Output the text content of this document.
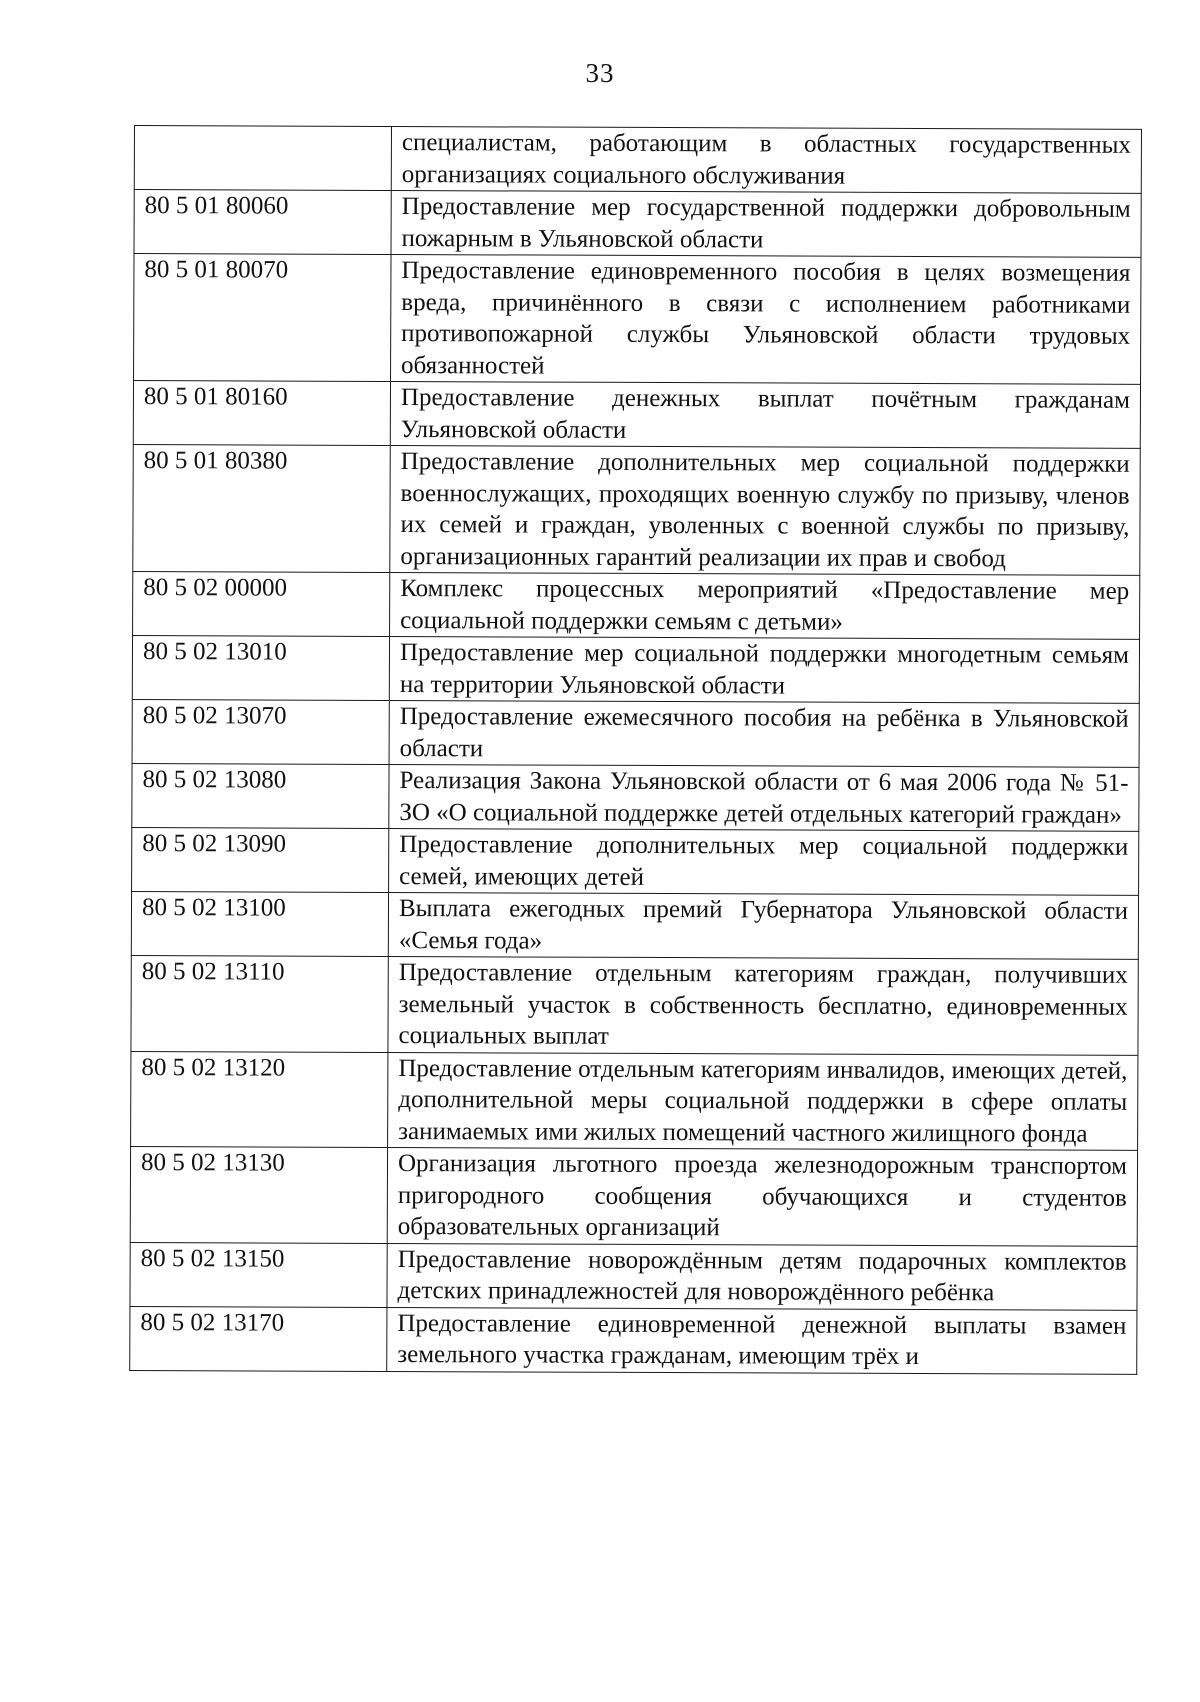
33
	специалистам, работающим в областных государственных организациях социального обслуживания
80 5 01 80060	Предоставление мер государственной поддержки добровольным пожарным в Ульяновской области
80 5 01 80070	Предоставление единовременного пособия в целях возмещения вреда, причинённого в связи с исполнением работниками противопожарной службы Ульяновской области трудовых обязанностей
80 5 01 80160	Предоставление денежных выплат почётным гражданам Ульяновской области
80 5 01 80380	Предоставление дополнительных мер социальной поддержки военнослужащих, проходящих военную службу по призыву, членов их семей и граждан, уволенных с военной службы по призыву, организационных гарантий реализации их прав и свобод
80 5 02 00000	Комплекс процессных мероприятий «Предоставление мер социальной поддержки семьям с детьми»
80 5 02 13010	Предоставление мер социальной поддержки многодетным семьям на территории Ульяновской области
80 5 02 13070	Предоставление ежемесячного пособия на ребёнка в Ульяновской области
80 5 02 13080	Реализация Закона Ульяновской области от 6 мая 2006 года № 51-ЗО «О социальной поддержке детей отдельных категорий граждан»
80 5 02 13090	Предоставление дополнительных мер социальной поддержки семей, имеющих детей
80 5 02 13100	Выплата ежегодных премий Губернатора Ульяновской области «Семья года»
80 5 02 13110	Предоставление отдельным категориям граждан, получивших земельный участок в собственность бесплатно, единовременных социальных выплат
80 5 02 13120	Предоставление отдельным категориям инвалидов, имеющих детей, дополнительной меры социальной поддержки в сфере оплаты занимаемых ими жилых помещений частного жилищного фонда
80 5 02 13130	Организация льготного проезда железнодорожным транспортом пригородного сообщения обучающихся и студентов образовательных организаций
80 5 02 13150	Предоставление новорождённым детям подарочных комплектов детских принадлежностей для новорождённого ребёнка
80 5 02 13170	Предоставление единовременной денежной выплаты взамен земельного участка гражданам, имеющим трёх и
